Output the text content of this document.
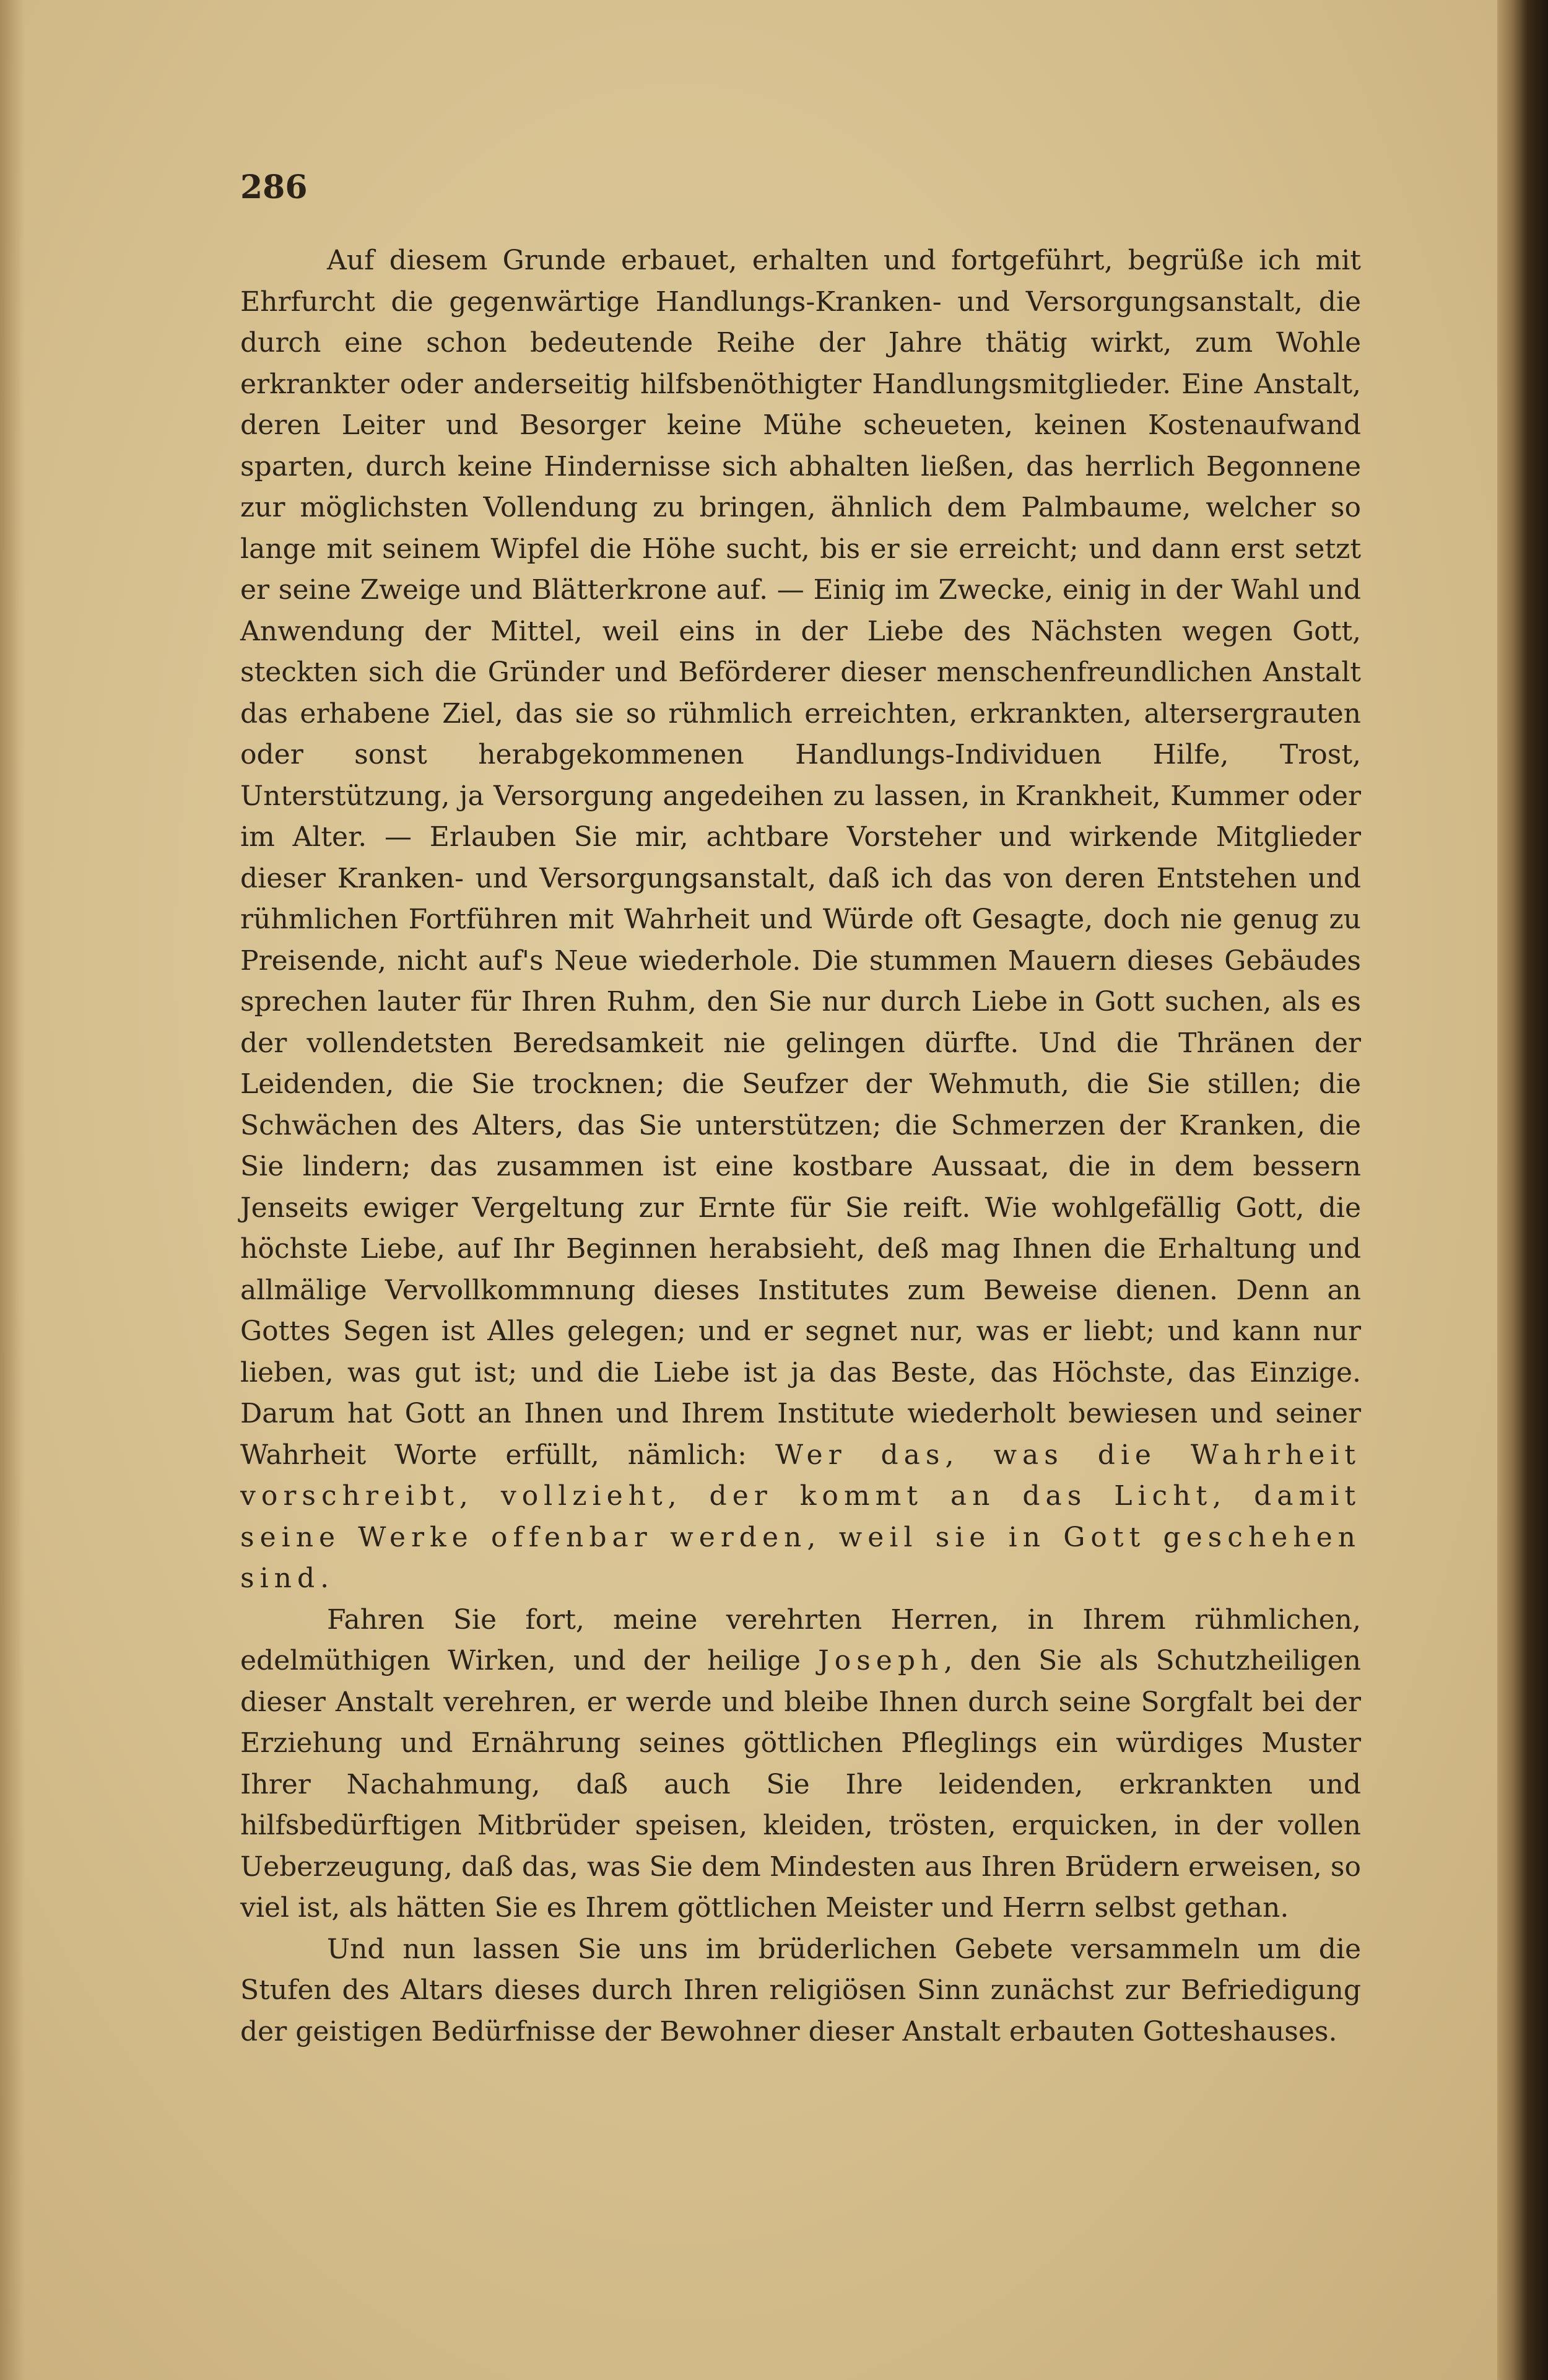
286

Auf diesem Grunde erbauet, erhalten und fortgeführt, begrüße ich mit Ehrfurcht die gegenwärtige Handlungs-Kranken- und Versorgungsanstalt, die durch eine schon bedeutende Reihe der Jahre thätig wirkt, zum Wohle erkrankter oder anderseitig hilfsbenöthigter Handlungsmitglieder. Eine Anstalt, deren Leiter und Besorger keine Mühe scheueten, keinen Kostenaufwand sparten, durch keine Hindernisse sich abhalten ließen, das herrlich Begonnene zur möglichsten Vollendung zu bringen, ähnlich dem Palmbaume, welcher so lange mit seinem Wipfel die Höhe sucht, bis er sie erreicht; und dann erst setzt er seine Zweige und Blätterkrone auf. — Einig im Zwecke, einig in der Wahl und Anwendung der Mittel, weil eins in der Liebe des Nächsten wegen Gott, steckten sich die Gründer und Beförderer dieser menschenfreundlichen Anstalt das erhabene Ziel, das sie so rühmlich erreichten, erkrankten, altersergrauten oder sonst herabgekommenen Handlungs-Individuen Hilfe, Trost, Unterstützung, ja Versorgung angedeihen zu lassen, in Krankheit, Kummer oder im Alter. — Erlauben Sie mir, achtbare Vorsteher und wirkende Mitglieder dieser Kranken- und Versorgungsanstalt, daß ich das von deren Entstehen und rühmlichen Fortführen mit Wahrheit und Würde oft Gesagte, doch nie genug zu Preisende, nicht auf's Neue wiederhole. Die stummen Mauern dieses Gebäudes sprechen lauter für Ihren Ruhm, den Sie nur durch Liebe in Gott suchen, als es der vollendetsten Beredsamkeit nie gelingen dürfte. Und die Thränen der Leidenden, die Sie trocknen; die Seufzer der Wehmuth, die Sie stillen; die Schwächen des Alters, das Sie unterstützen; die Schmerzen der Kranken, die Sie lindern; das zusammen ist eine kostbare Aussaat, die in dem bessern Jenseits ewiger Vergeltung zur Ernte für Sie reift. Wie wohlgefällig Gott, die höchste Liebe, auf Ihr Beginnen herabsieht, deß mag Ihnen die Erhaltung und allmälige Vervollkommnung dieses Institutes zum Beweise dienen. Denn an Gottes Segen ist Alles gelegen; und er segnet nur, was er liebt; und kann nur lieben, was gut ist; und die Liebe ist ja das Beste, das Höchste, das Einzige. Darum hat Gott an Ihnen und Ihrem Institute wiederholt bewiesen und seiner Wahrheit Worte erfüllt, nämlich: Wer das, was die Wahrheit vorschreibt, vollzieht, der kommt an das Licht, damit seine Werke offenbar werden, weil sie in Gott geschehen sind.

Fahren Sie fort, meine verehrten Herren, in Ihrem rühmlichen, edelmüthigen Wirken, und der heilige Joseph, den Sie als Schutzheiligen dieser Anstalt verehren, er werde und bleibe Ihnen durch seine Sorgfalt bei der Erziehung und Ernährung seines göttlichen Pfleglings ein würdiges Muster Ihrer Nachahmung, daß auch Sie Ihre leidenden, erkrankten und hilfsbedürftigen Mitbrüder speisen, kleiden, trösten, erquicken, in der vollen Ueberzeugung, daß das, was Sie dem Mindesten aus Ihren Brüdern erweisen, so viel ist, als hätten Sie es Ihrem göttlichen Meister und Herrn selbst gethan.

Und nun lassen Sie uns im brüderlichen Gebete versammeln um die Stufen des Altars dieses durch Ihren religiösen Sinn zunächst zur Befriedigung der geistigen Bedürfnisse der Bewohner dieser Anstalt erbauten Gotteshauses.
